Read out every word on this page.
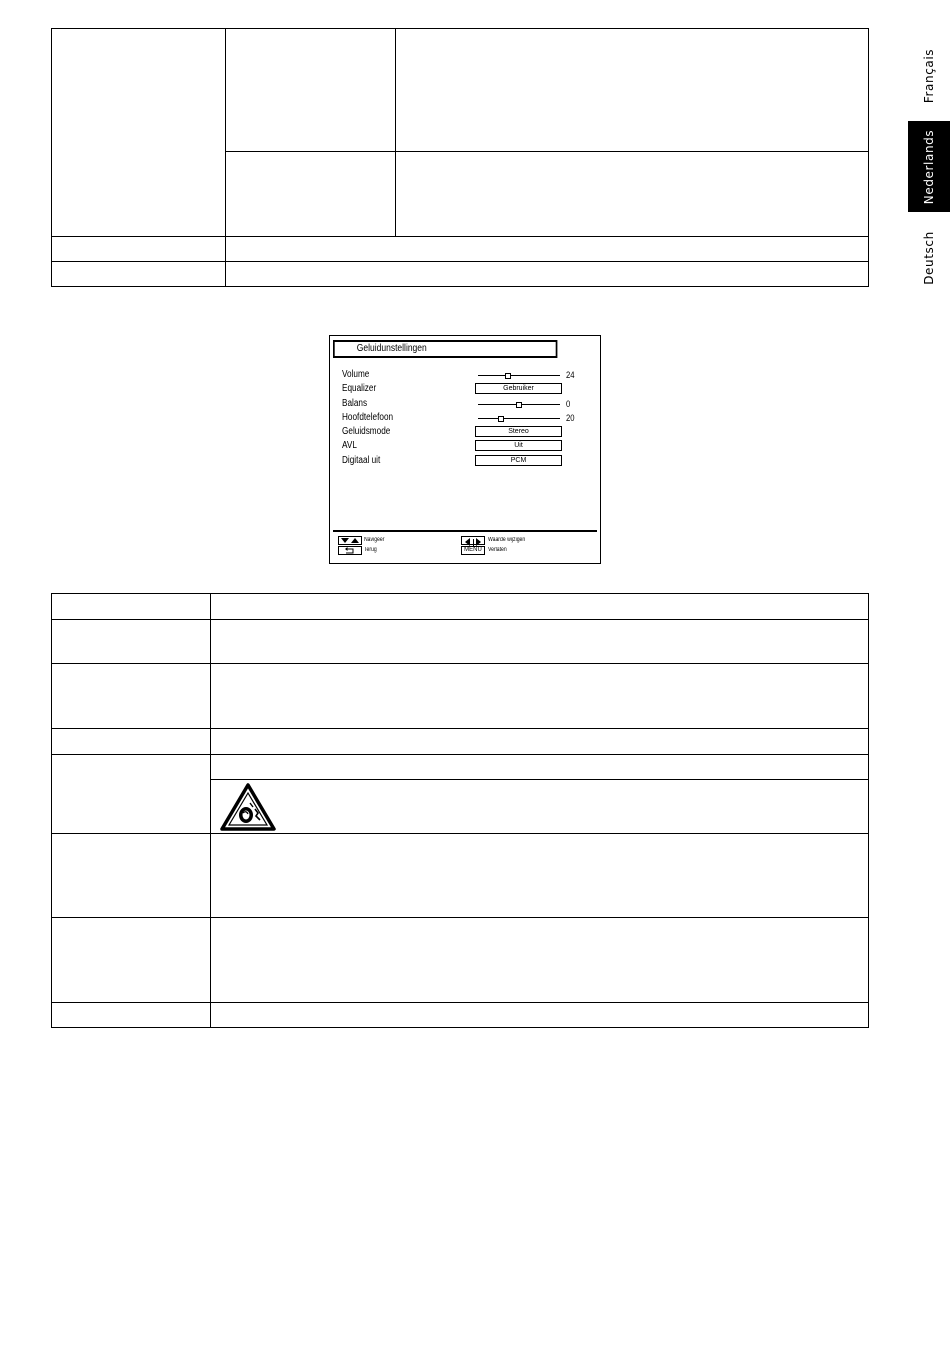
Français
Nederlands
Deutsch
Geluidunstellingen
Volume	24
Equalizer	Gebruiker
Balans	0
Hoofdtelefoon	20
Geluidsmode	Stereo
AVL	Uit
Digitaal uit	PCM

Navigeer
Terug

Waarde wijzigen
MENU	Verlaten
